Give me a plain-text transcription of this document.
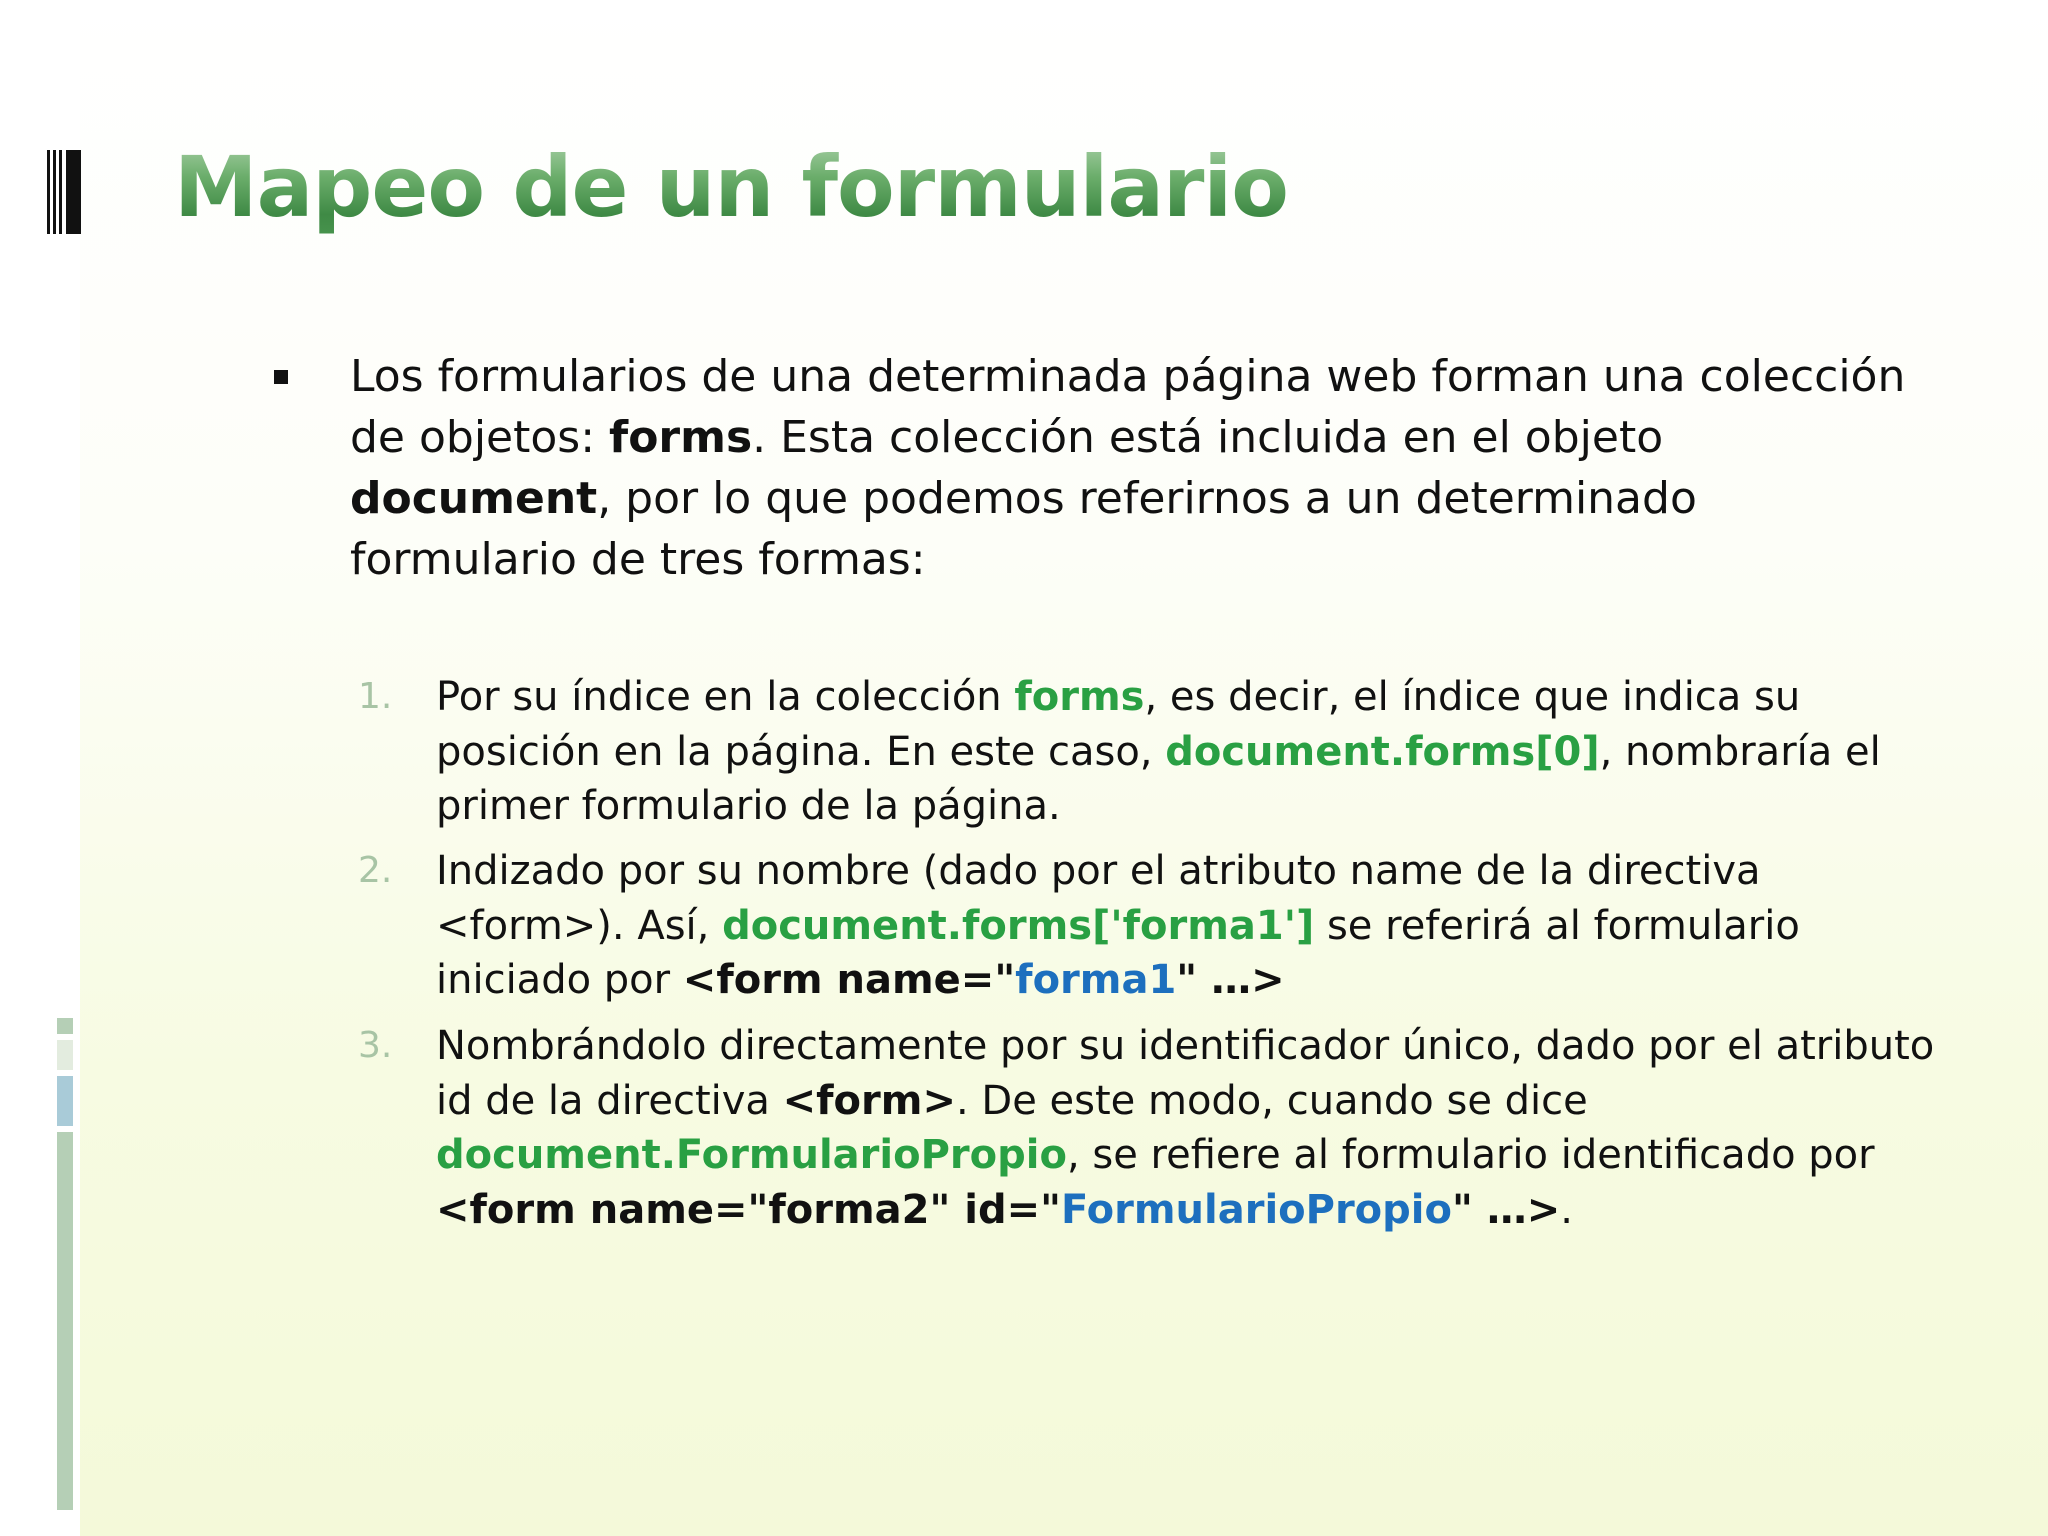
Mapeo de un formulario

Los formularios de una determinada página web forman una colección de objetos: forms. Esta colección está incluida en el objeto document, por lo que podemos referirnos a un determinado formulario de tres formas:

1. Por su índice en la colección forms, es decir, el índice que indica su posición en la página. En este caso, document.forms[0], nombraría el primer formulario de la página.

2. Indizado por su nombre (dado por el atributo name de la directiva <form>). Así, document.forms['forma1'] se referirá al formulario iniciado por <form name="forma1" …>

3. Nombrándolo directamente por su identificador único, dado por el atributo id de la directiva <form>. De este modo, cuando se dice document.FormularioPropio, se refiere al formulario identificado por <form name="forma2" id="FormularioPropio" …>.
